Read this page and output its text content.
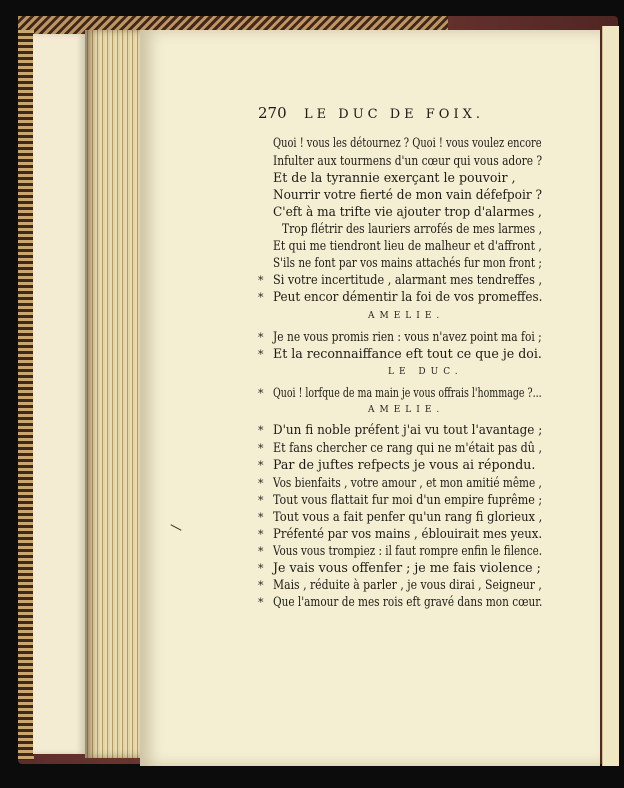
270 LE DUC DE FOIX.
Quoi ! vous les détournez ? Quoi ! vous voulez encore
Infulter aux tourmens d'un cœur qui vous adore ?
Et de la tyrannie exerçant le pouvoir ,
Nourrir votre fierté de mon vain défefpoir ?
C'eft à ma trifte vie ajouter trop d'alarmes ,
Trop flétrir des lauriers arrofés de mes larmes ,
Et qui me tiendront lieu de malheur et d'affront ,
S'ils ne font par vos mains attachés fur mon front ;
* Si votre incertitude , alarmant mes tendreffes ,
* Peut encor démentir la foi de vos promeffes.
AMELIE.
* Je ne vous promis rien : vous n'avez point ma foi ;
* Et la reconnaiffance eft tout ce que je doi.
LE DUC.
* Quoi ! lorfque de ma main je vous offrais l'hommage ?...
AMELIE.
* D'un fi noble préfent j'ai vu tout l'avantage ;
* Et fans chercher ce rang qui ne m'était pas dû ,
* Par de juftes refpects je vous ai répondu.
* Vos bienfaits , votre amour , et mon amitié même ,
* Tout vous flattait fur moi d'un empire fuprême ;
* Tout vous a fait penfer qu'un rang fi glorieux ,
* Préfenté par vos mains , éblouirait mes yeux.
* Vous vous trompiez : il faut rompre enfin le filence.
* Je vais vous offenfer ; je me fais violence ;
* Mais , réduite à parler , je vous dirai , Seigneur ,
* Que l'amour de mes rois eft gravé dans mon cœur.
